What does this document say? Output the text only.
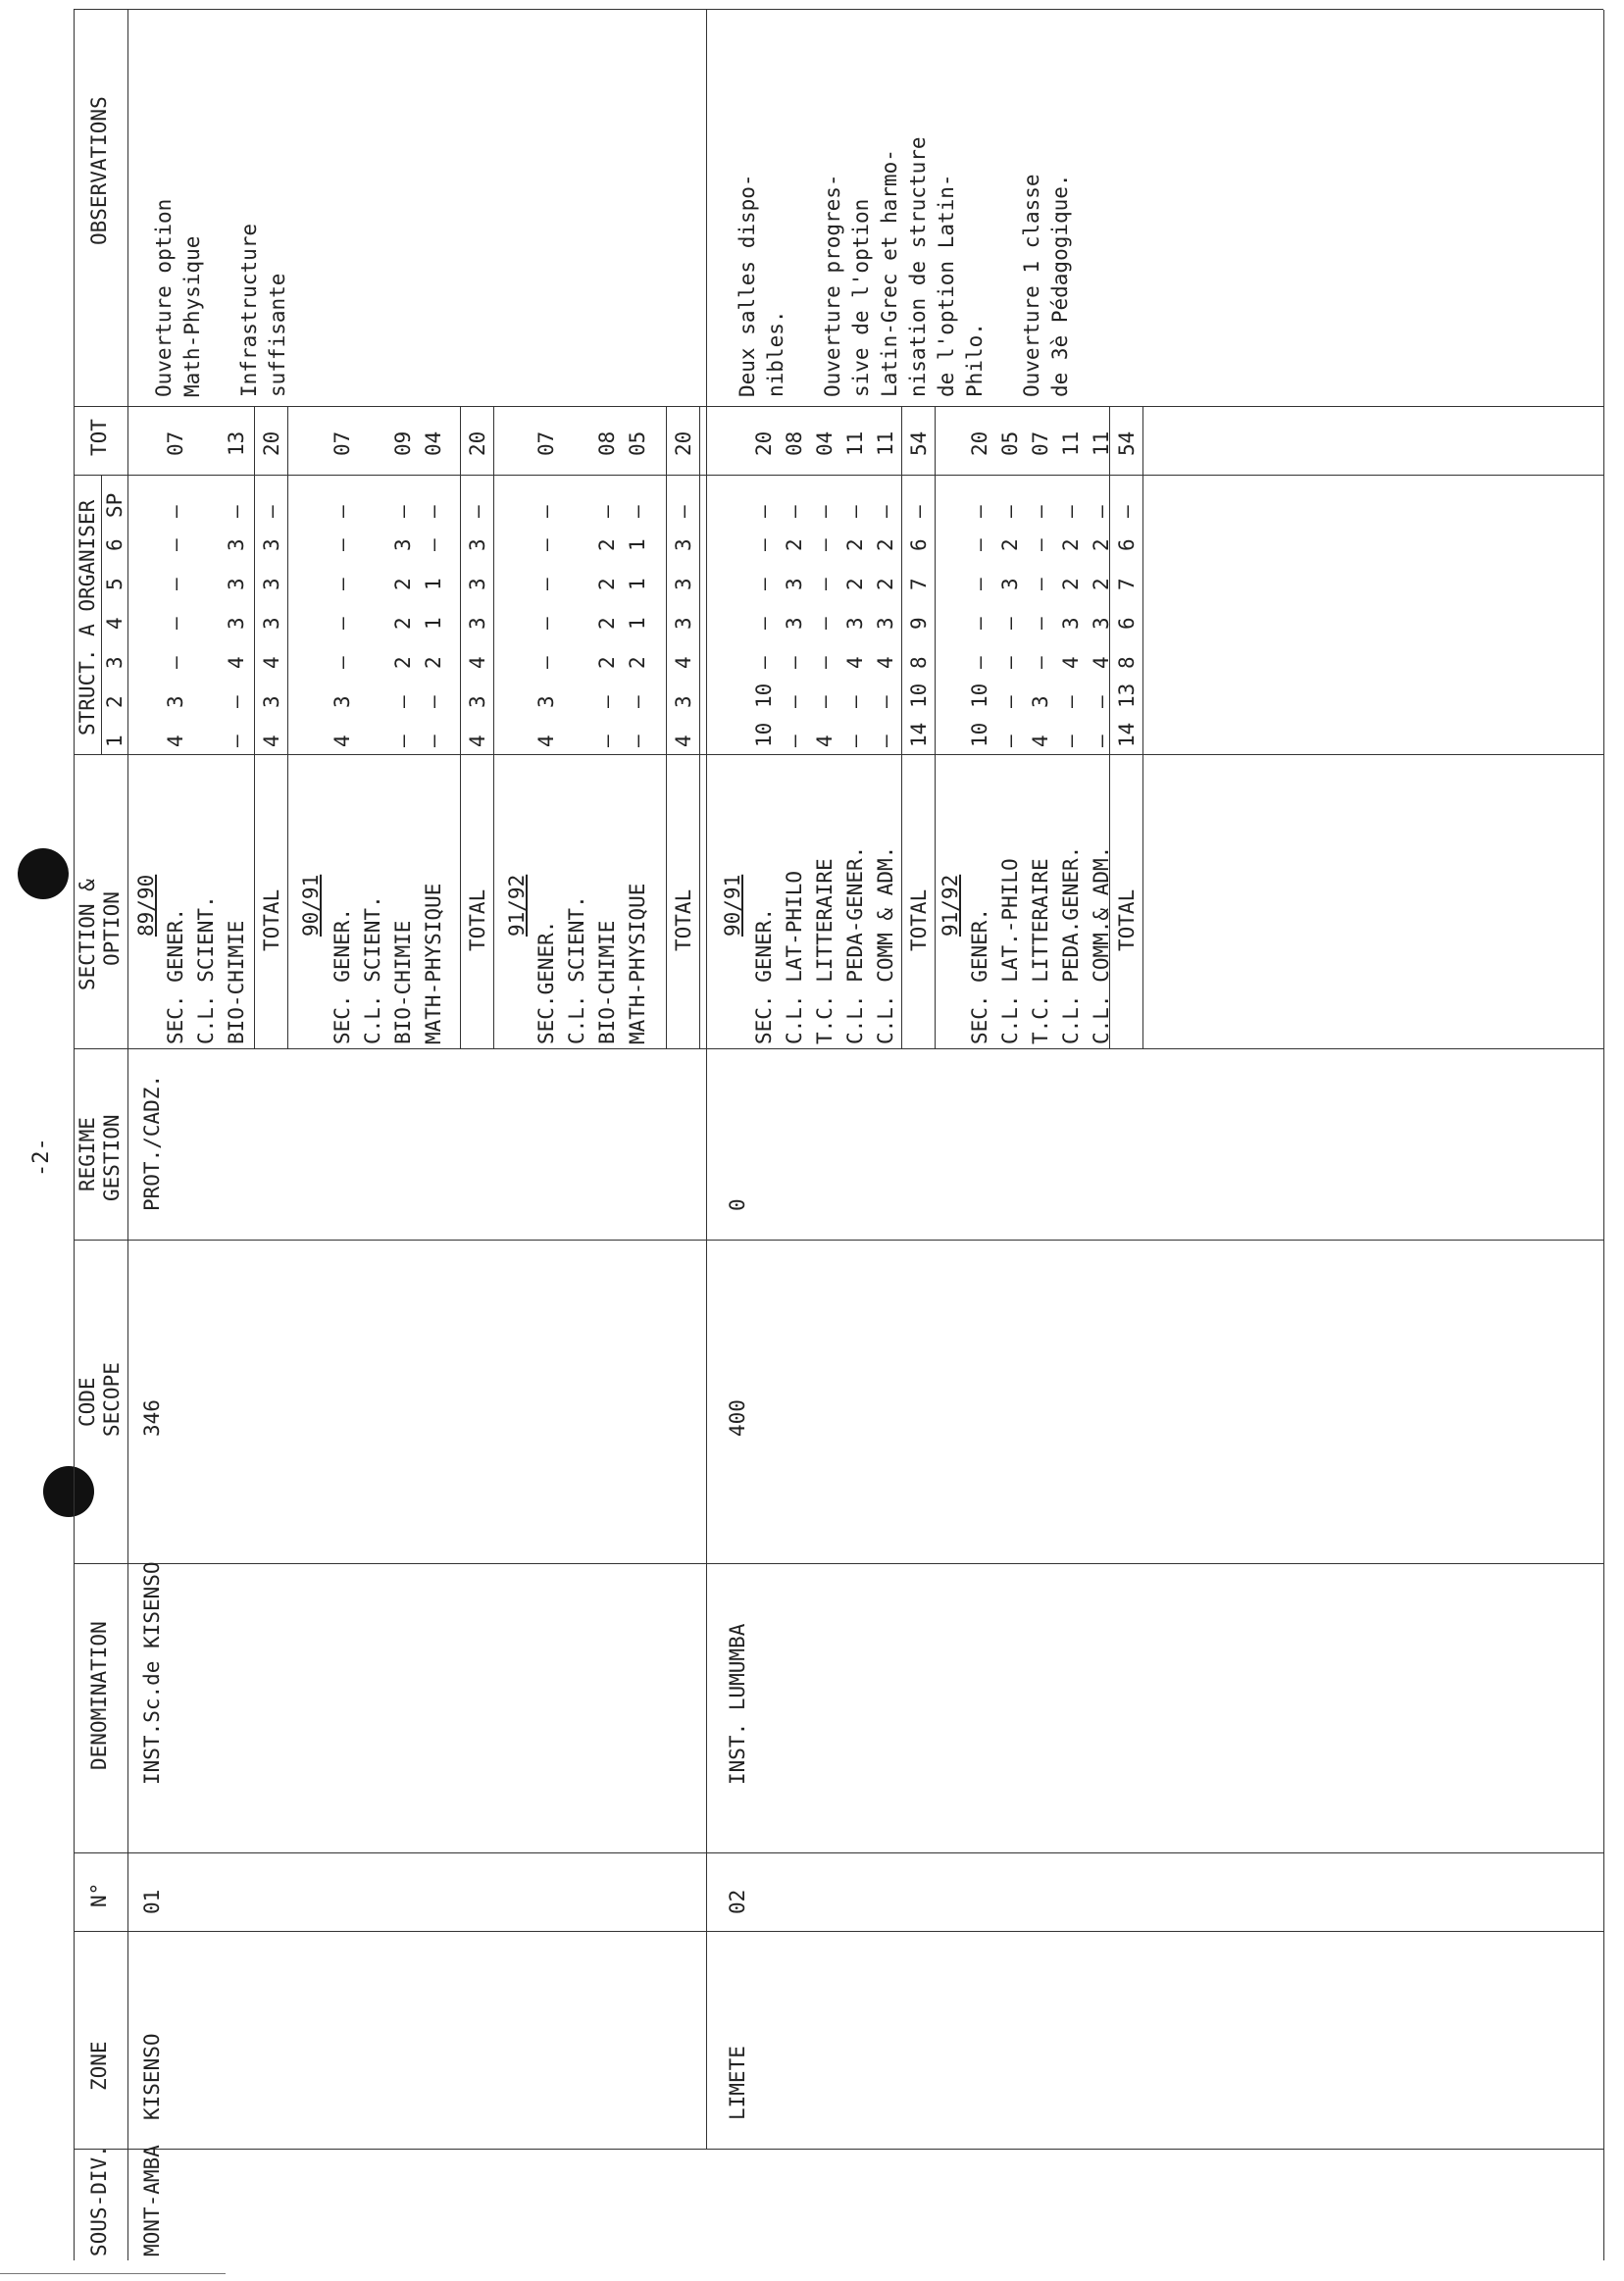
-2-
SOUS-DIV.
ZONE
N°
DENOMINATION
CODE SECOPE
REGIME GESTION
SECTION & OPTION
STRUCT. A ORGANISER
1
2
3
4
5
6
SP
TOT
OBSERVATIONS
MONT-AMBA
KISENSO
01
INST.Sc.de KISENSO
346
PROT./CADZ.
Ouverture option Math-Physique Infrastructure suffisante
89/90
SEC. GENER.
4
3
–
–
–
–
–
07
C.L. SCIENT. BIO-CHIMIE
–
–
4
3
3
3
–
13
TOTAL
4
3
4
3
3
3
–
20
90/91
SEC. GENER.
4
3
–
–
–
–
–
07
C.L. SCIENT. BIO-CHIMIE
–
–
2
2
2
3
–
09
MATH-PHYSIQUE
–
–
2
1
1
–
–
04
TOTAL
4
3
4
3
3
3
–
20
91/92
SEC.GENER.
4
3
–
–
–
–
–
07
C.L. SCIENT. BIO-CHIMIE
–
–
2
2
2
2
–
08
MATH-PHYSIQUE
–
–
2
1
1
1
–
05
TOTAL
4
3
4
3
3
3
–
20
LIMETE
02
INST. LUMUMBA
400
0
Deux salles dispo- nibles. Ouverture progres- sive de l'option Latin-Grec et harmo- nisation de structure de l'option Latin- Philo. Ouverture 1 classe de 3è Pédagogique.
90/91
SEC. GENER.
10
10
–
–
–
–
–
20
C.L. LAT-PHILO
–
–
–
3
3
2
–
08
T.C. LITTERAIRE
4
–
–
–
–
–
–
04
C.L. PEDA-GENER.
–
–
4
3
2
2
–
11
C.L. COMM & ADM.
–
–
4
3
2
2
–
11
TOTAL
14
10
8
9
7
6
–
54
91/92
SEC. GENER.
10
10
–
–
–
–
–
20
C.L. LAT.-PHILO
–
–
–
–
3
2
–
05
T.C. LITTERAIRE
4
3
–
–
–
–
–
07
C.L. PEDA.GENER.
–
–
4
3
2
2
–
11
C.L. COMM.& ADM.
–
–
4
3
2
2
–
11
TOTAL
14
13
8
6
7
6
–
54
